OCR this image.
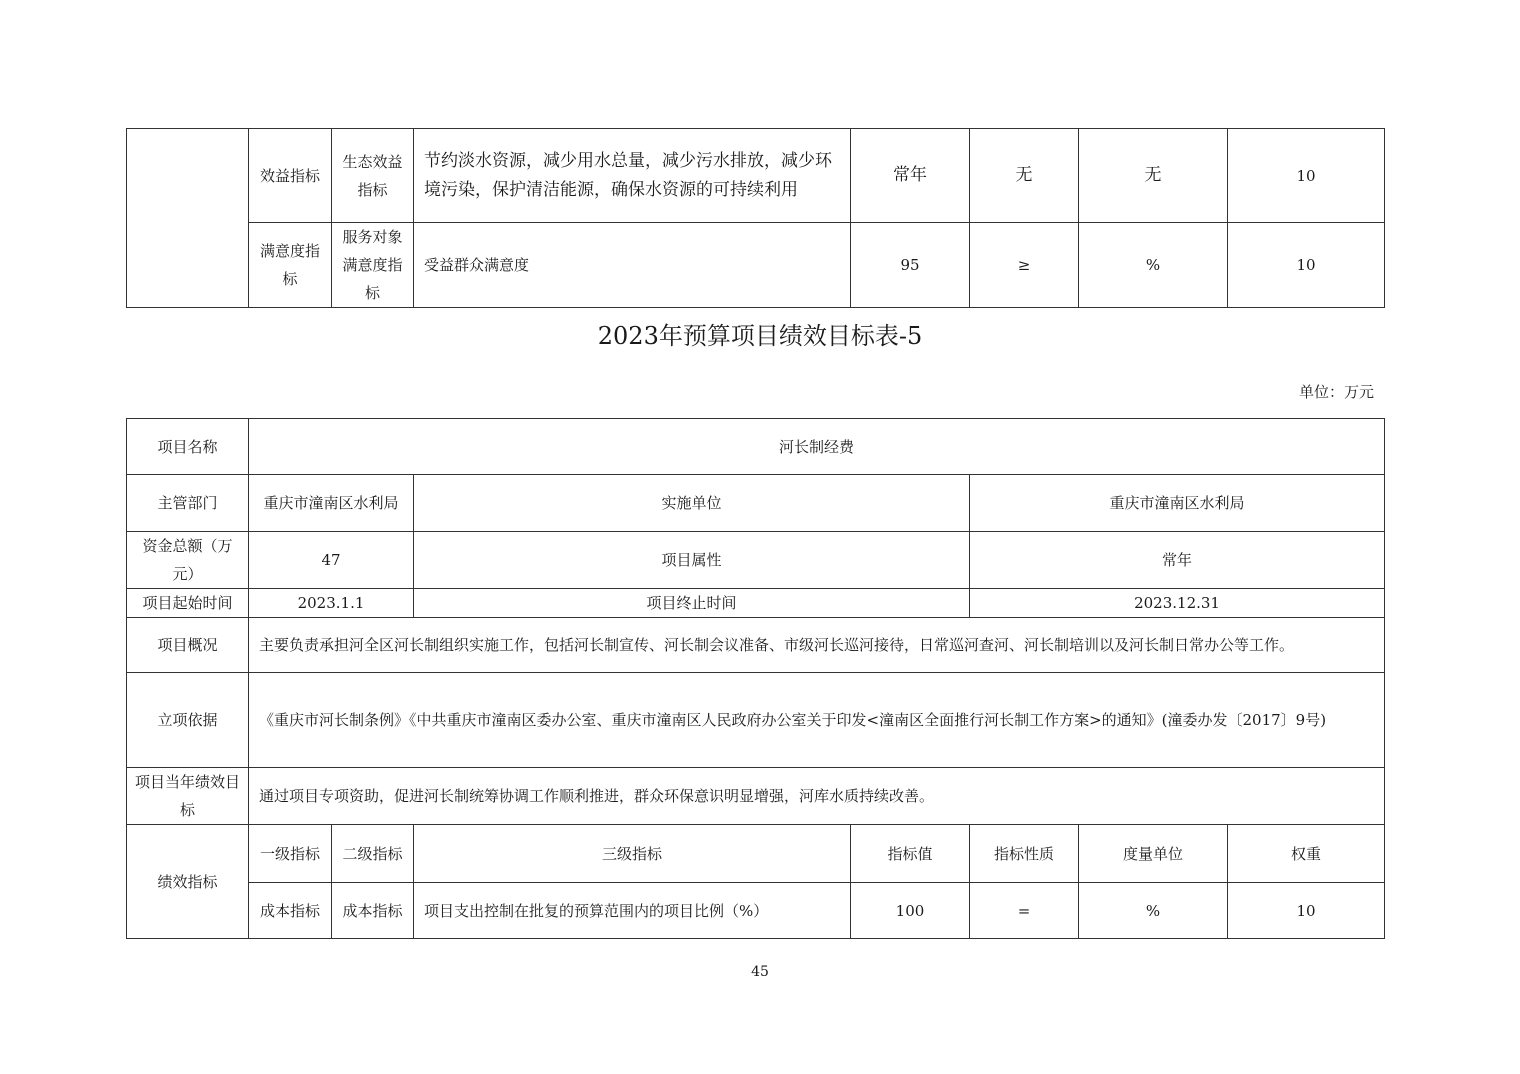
	效益指标	生态效益指标	节约淡水资源，减少用水总量，减少污水排放，减少环境污染，保护清洁能源，确保水资源的可持续利用	常年	无	无	10
	满意度指标	服务对象满意度指标	受益群众满意度	95	≥	%	10
2023年预算项目绩效目标表-5
单位：万元
项目名称	河长制经费						
主管部门	重庆市潼南区水利局		实施单位		重庆市潼南区水利局		
资金总额（万元）	47		项目属性		常年		
项目起始时间	2023.1.1		项目终止时间		2023.12.31		
项目概况	主要负责承担河全区河长制组织实施工作，包括河长制宣传、河长制会议准备、市级河长巡河接待，日常巡河查河、河长制培训以及河长制日常办公等工作。						
立项依据	《重庆市河长制条例》《中共重庆市潼南区委办公室、重庆市潼南区人民政府办公室关于印发<潼南区全面推行河长制工作方案>的通知》(潼委办发〔2017〕9号)						
项目当年绩效目标	通过项目专项资助，促进河长制统筹协调工作顺利推进，群众环保意识明显增强，河库水质持续改善。						
绩效指标	一级指标	二级指标	三级指标	指标值	指标性质	度量单位	权重
	成本指标	成本指标	项目支出控制在批复的预算范围内的项目比例（%）	100	=	%	10
45
